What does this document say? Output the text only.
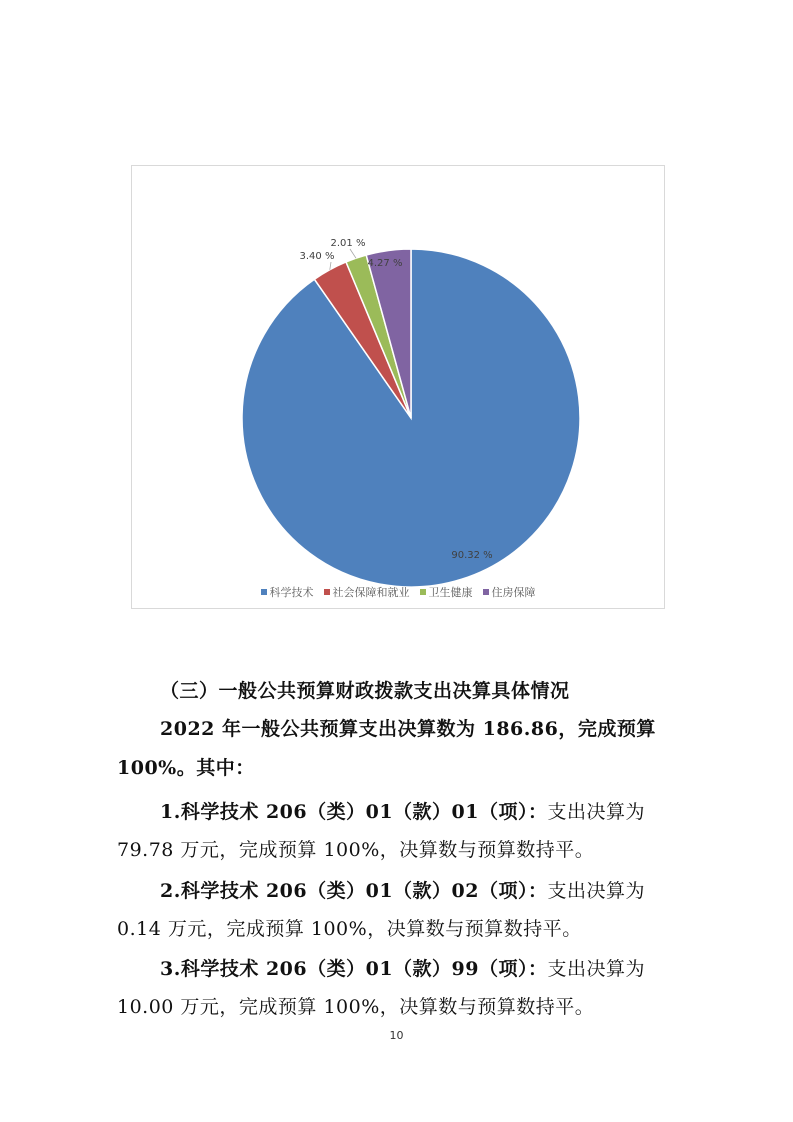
90.32 %
3.40 %
2.01 %
4.27 %
科学技术 社会保障和就业 卫生健康 住房保障
（三）一般公共预算财政拨款支出决算具体情况
2022 年一般公共预算支出决算数为 186.86，完成预算
100%。其中：
1.科学技术 206（类）01（款）01（项）：支出决算为
79.78 万元，完成预算 100%，决算数与预算数持平。
2.科学技术 206（类）01（款）02（项）：支出决算为
0.14 万元，完成预算 100%，决算数与预算数持平。
3.科学技术 206（类）01（款）99（项）：支出决算为
10.00 万元，完成预算 100%，决算数与预算数持平。
10
